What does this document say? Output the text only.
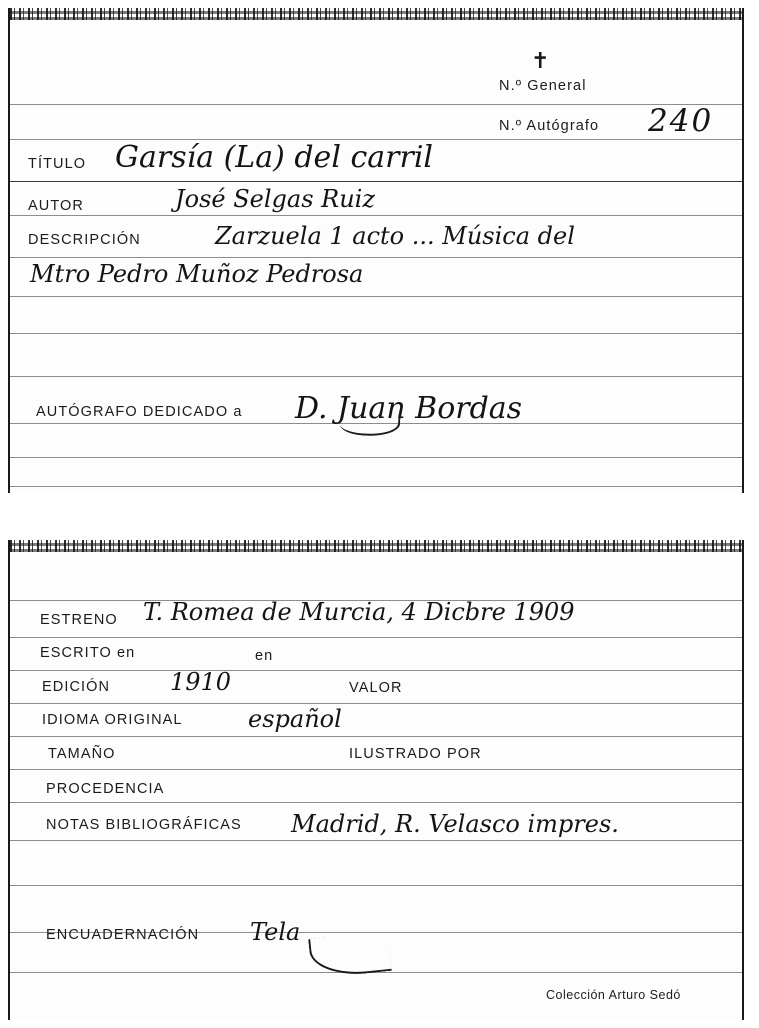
✝
N.º General
N.º Autógrafo 240
TÍTULO Garsía (La) del carril
AUTOR	José Selgas Ruiz
DESCRIPCIÓN	Zarzuela 1 acto ... Música del
Mtro Pedro Muñoz Pedrosa
AUTÓGRAFO DEDICADO a D. Juan Bordas
ESTRENO T. Romea de Murcia, 4 Dicbre 1909
ESCRITO en	en
EDICIÓN 1910	VALOR
IDIOMA ORIGINAL	español
TAMAÑO	ILUSTRADO POR
PROCEDENCIA
NOTAS BIBLIOGRÁFICAS Madrid, R. Velasco impres.
ENCUADERNACIÓN Tela
Colección Arturo Sedó
